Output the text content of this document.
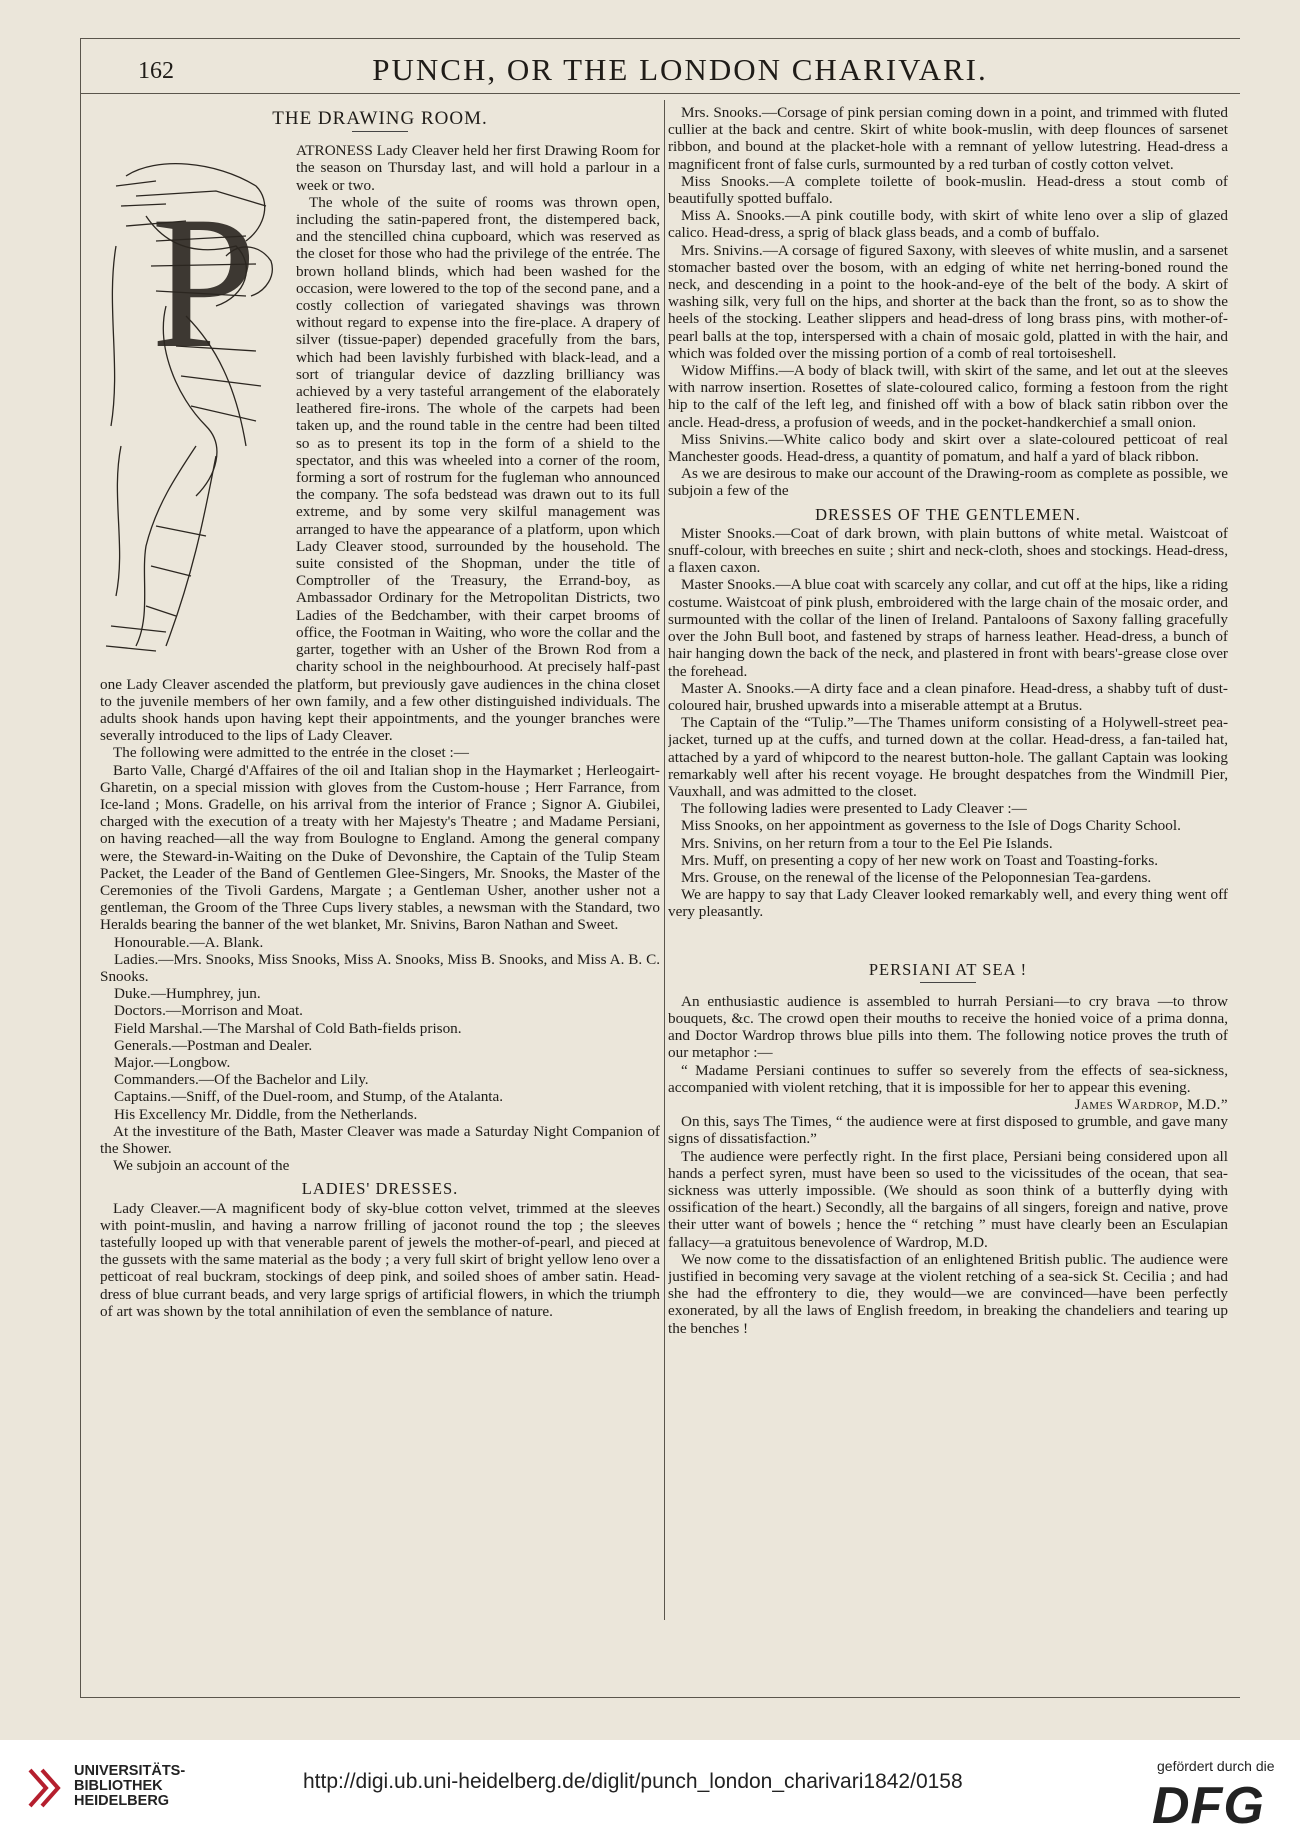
162	PUNCH, OR THE LONDON CHARIVARI.
THE DRAWING ROOM.
P

ATRONESS Lady Cleaver held her first Drawing Room for the season on Thursday last, and will hold a parlour in a week or two.

The whole of the suite of rooms was thrown open, including the satin-papered front, the distempered back, and the stencilled china cupboard, which was reserved as the closet for those who had the privilege of the entrée. The brown holland blinds, which had been washed for the occasion, were lowered to the top of the second pane, and a costly collection of variegated shavings was thrown without regard to expense into the fire-place. A drapery of silver (tissue-paper) depended gracefully from the bars, which had been lavishly furbished with black-lead, and a sort of triangular device of dazzling brilliancy was achieved by a very tasteful arrangement of the elaborately leathered fire-irons. The whole of the carpets had been taken up, and the round table in the centre had been tilted so as to present its top in the form of a shield to the spectator, and this was wheeled into a corner of the room, forming a sort of rostrum for the fugleman who announced the company. The sofa bedstead was drawn out to its full extreme, and by some very skilful management was arranged to have the appearance of a platform, upon which Lady Cleaver stood, surrounded by the household. The suite consisted of the Shopman, under the title of Comptroller of the Treasury, the Errand-boy, as Ambassador Ordinary for the Metropolitan Districts, two Ladies of the Bedchamber, with their carpet brooms of office, the Footman in Waiting, who wore the collar and the garter, together with an Usher of the Brown Rod from a charity school in the neighbourhood. At precisely half-past one Lady Cleaver ascended the platform, but previously gave audiences in the china closet to the juvenile members of her own family, and a few other distinguished individuals. The adults shook hands upon having kept their appointments, and the younger branches were severally introduced to the lips of Lady Cleaver.

The following were admitted to the entrée in the closet :—

Barto Valle, Chargé d'Affaires of the oil and Italian shop in the Haymarket ; Herleogairt-Gharetin, on a special mission with gloves from the Custom-house ; Herr Farrance, from Ice-land ; Mons. Gradelle, on his arrival from the interior of France ; Signor A. Giubilei, charged with the execution of a treaty with her Majesty's Theatre ; and Madame Persiani, on having reached—all the way from Boulogne to England. Among the general company were, the Steward-in-Waiting on the Duke of Devonshire, the Captain of the Tulip Steam Packet, the Leader of the Band of Gentlemen Glee-Singers, Mr. Snooks, the Master of the Ceremonies of the Tivoli Gardens, Margate ; a Gentleman Usher, another usher not a gentleman, the Groom of the Three Cups livery stables, a newsman with the Standard, two Heralds bearing the banner of the wet blanket, Mr. Snivins, Baron Nathan and Sweet.

Honourable.—A. Blank.

Ladies.—Mrs. Snooks, Miss Snooks, Miss A. Snooks, Miss B. Snooks, and Miss A. B. C. Snooks.

Duke.—Humphrey, jun.

Doctors.—Morrison and Moat.

Field Marshal.—The Marshal of Cold Bath-fields prison.

Generals.—Postman and Dealer.

Major.—Longbow.

Commanders.—Of the Bachelor and Lily.

Captains.—Sniff, of the Duel-room, and Stump, of the Atalanta.

His Excellency Mr. Diddle, from the Netherlands.

At the investiture of the Bath, Master Cleaver was made a Saturday Night Companion of the Shower.

We subjoin an account of the

LADIES' DRESSES.

Lady Cleaver.—A magnificent body of sky-blue cotton velvet, trimmed at the sleeves with point-muslin, and having a narrow frilling of jaconot round the top ; the sleeves tastefully looped up with that venerable parent of jewels the mother-of-pearl, and pieced at the gussets with the same material as the body ; a very full skirt of bright yellow leno over a petticoat of real buckram, stockings of deep pink, and soiled shoes of amber satin. Head-dress of blue currant beads, and very large sprigs of artificial flowers, in which the triumph of art was shown by the total annihilation of even the semblance of nature.

Mrs. Snooks.—Corsage of pink persian coming down in a point, and trimmed with fluted cullier at the back and centre. Skirt of white book-muslin, with deep flounces of sarsenet ribbon, and bound at the placket-hole with a remnant of yellow lutestring. Head-dress a magnificent front of false curls, surmounted by a red turban of costly cotton velvet.

Miss Snooks.—A complete toilette of book-muslin. Head-dress a stout comb of beautifully spotted buffalo.

Miss A. Snooks.—A pink coutille body, with skirt of white leno over a slip of glazed calico. Head-dress, a sprig of black glass beads, and a comb of buffalo.

Mrs. Snivins.—A corsage of figured Saxony, with sleeves of white muslin, and a sarsenet stomacher basted over the bosom, with an edging of white net herring-boned round the neck, and descending in a point to the hook-and-eye of the belt of the body. A skirt of washing silk, very full on the hips, and shorter at the back than the front, so as to show the heels of the stocking. Leather slippers and head-dress of long brass pins, with mother-of-pearl balls at the top, interspersed with a chain of mosaic gold, platted in with the hair, and which was folded over the missing portion of a comb of real tortoiseshell.

Widow Miffins.—A body of black twill, with skirt of the same, and let out at the sleeves with narrow insertion. Rosettes of slate-coloured calico, forming a festoon from the right hip to the calf of the left leg, and finished off with a bow of black satin ribbon over the ancle. Head-dress, a profusion of weeds, and in the pocket-handkerchief a small onion.

Miss Snivins.—White calico body and skirt over a slate-coloured petticoat of real Manchester goods. Head-dress, a quantity of pomatum, and half a yard of black ribbon.

As we are desirous to make our account of the Drawing-room as complete as possible, we subjoin a few of the

DRESSES OF THE GENTLEMEN.

Mister Snooks.—Coat of dark brown, with plain buttons of white metal. Waistcoat of snuff-colour, with breeches en suite ; shirt and neck-cloth, shoes and stockings. Head-dress, a flaxen caxon.

Master Snooks.—A blue coat with scarcely any collar, and cut off at the hips, like a riding costume. Waistcoat of pink plush, embroidered with the large chain of the mosaic order, and surmounted with the collar of the linen of Ireland. Pantaloons of Saxony falling gracefully over the John Bull boot, and fastened by straps of harness leather. Head-dress, a bunch of hair hanging down the back of the neck, and plastered in front with bears'-grease close over the forehead.

Master A. Snooks.—A dirty face and a clean pinafore. Head-dress, a shabby tuft of dust-coloured hair, brushed upwards into a miserable attempt at a Brutus.

The Captain of the “Tulip.”—The Thames uniform consisting of a Holywell-street pea-jacket, turned up at the cuffs, and turned down at the collar. Head-dress, a fan-tailed hat, attached by a yard of whipcord to the nearest button-hole. The gallant Captain was looking remarkably well after his recent voyage. He brought despatches from the Windmill Pier, Vauxhall, and was admitted to the closet.

The following ladies were presented to Lady Cleaver :—

Miss Snooks, on her appointment as governess to the Isle of Dogs Charity School.

Mrs. Snivins, on her return from a tour to the Eel Pie Islands.

Mrs. Muff, on presenting a copy of her new work on Toast and Toasting-forks.

Mrs. Grouse, on the renewal of the license of the Peloponnesian Tea-gardens.

We are happy to say that Lady Cleaver looked remarkably well, and every thing went off very pleasantly.

PERSIANI AT SEA !

An enthusiastic audience is assembled to hurrah Persiani—to cry brava —to throw bouquets, &c. The crowd open their mouths to receive the honied voice of a prima donna, and Doctor Wardrop throws blue pills into them. The following notice proves the truth of our metaphor :—

“ Madame Persiani continues to suffer so severely from the effects of sea-sickness, accompanied with violent retching, that it is impossible for her to appear this evening.

James Wardrop, M.D.”

On this, says The Times, “ the audience were at first disposed to grumble, and gave many signs of dissatisfaction.”

The audience were perfectly right. In the first place, Persiani being considered upon all hands a perfect syren, must have been so used to the vicissitudes of the ocean, that sea-sickness was utterly impossible. (We should as soon think of a butterfly dying with ossification of the heart.) Secondly, all the bargains of all singers, foreign and native, prove their utter want of bowels ; hence the “ retching ” must have clearly been an Esculapian fallacy—a gratuitous benevolence of Wardrop, M.D.

We now come to the dissatisfaction of an enlightened British public. The audience were justified in becoming very savage at the violent retching of a sea-sick St. Cecilia ; and had she had the effrontery to die, they would—we are convinced—have been perfectly exonerated, by all the laws of English freedom, in breaking the chandeliers and tearing up the benches !

UNIVERSITÄTS-
BIBLIOTHEK
HEIDELBERG
http://digi.ub.uni-heidelberg.de/diglit/punch_london_charivari1842/0158
gefördert durch die
DFG
